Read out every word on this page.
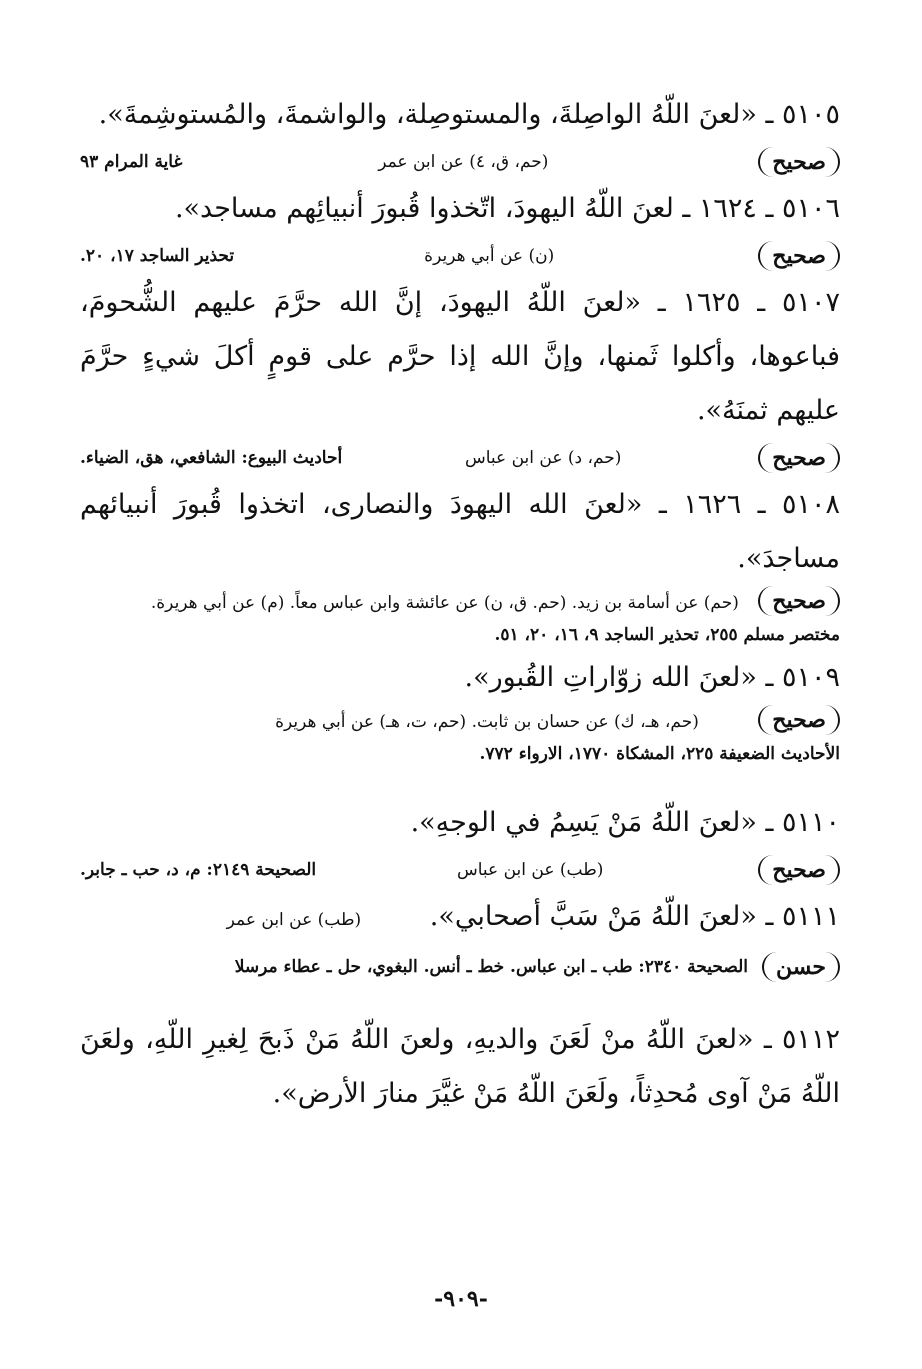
٥١٠٥ ـ «لعنَ اللّهُ الواصِلةَ، والمستوصِلة، والواشمةَ، والمُستوشِمةَ».

صحيح
(حم، ق، ٤) عن ابن عمر
غاية المرام ٩٣

٥١٠٦ ـ ١٦٢٤ ـ لعنَ اللّهُ اليهودَ، اتّخذوا قُبورَ أنبيائِهم مساجد».

صحيح
(ن) عن أبي هريرة
تحذير الساجد ١٧، ٢٠.

٥١٠٧ ـ ١٦٢٥ ـ «لعنَ اللّهُ اليهودَ، إنَّ الله حرَّمَ عليهم الشُّحومَ، فباعوها، وأكلوا ثَمنها، وإنَّ الله إذا حرَّم على قومٍ أكلَ شيءٍ حرَّمَ عليهم ثمنَهُ».

صحيح
(حم، د) عن ابن عباس
أحاديث البيوع: الشافعي، هق، الضياء.

٥١٠٨ ـ ١٦٢٦ ـ «لعنَ الله اليهودَ والنصارى، اتخذوا قُبورَ أنبيائهم مساجدَ».

صحيح (حم) عن أسامة بن زيد. (حم. ق، ن) عن عائشة وابن عباس معاً. (م) عن أبي هريرة.
مختصر مسلم ٢٥٥، تحذير الساجد ٩، ١٦، ٢٠، ٥١.

٥١٠٩ ـ «لعنَ الله زوّاراتِ القُبور».

صحيح (حم، هـ، ك) عن حسان بن ثابت. (حم، ت، هـ) عن أبي هريرة
الأحاديث الضعيفة ٢٢٥، المشكاة ١٧٧٠، الارواء ٧٧٢.

٥١١٠ ـ «لعنَ اللّهُ مَنْ يَسِمُ في الوجهِ».

صحيح
(طب) عن ابن عباس
الصحيحة ٢١٤٩: م، د، حب ـ جابر.

٥١١١ ـ «لعنَ اللّهُ مَنْ سَبَّ أصحابي». (طب) عن ابن عمر

حسن
الصحيحة ٢٣٤٠: طب ـ ابن عباس. خط ـ أنس. البغوي، حل ـ عطاء مرسلا

٥١١٢ ـ «لعنَ اللّهُ منْ لَعَنَ والديهِ، ولعنَ اللّهُ مَنْ ذَبحَ لِغيرِ اللّهِ، ولعَنَ اللّهُ مَنْ آوى مُحدِثاً، ولَعَنَ اللّهُ مَنْ غيَّرَ منارَ الأرض».

-٩٠٩-
